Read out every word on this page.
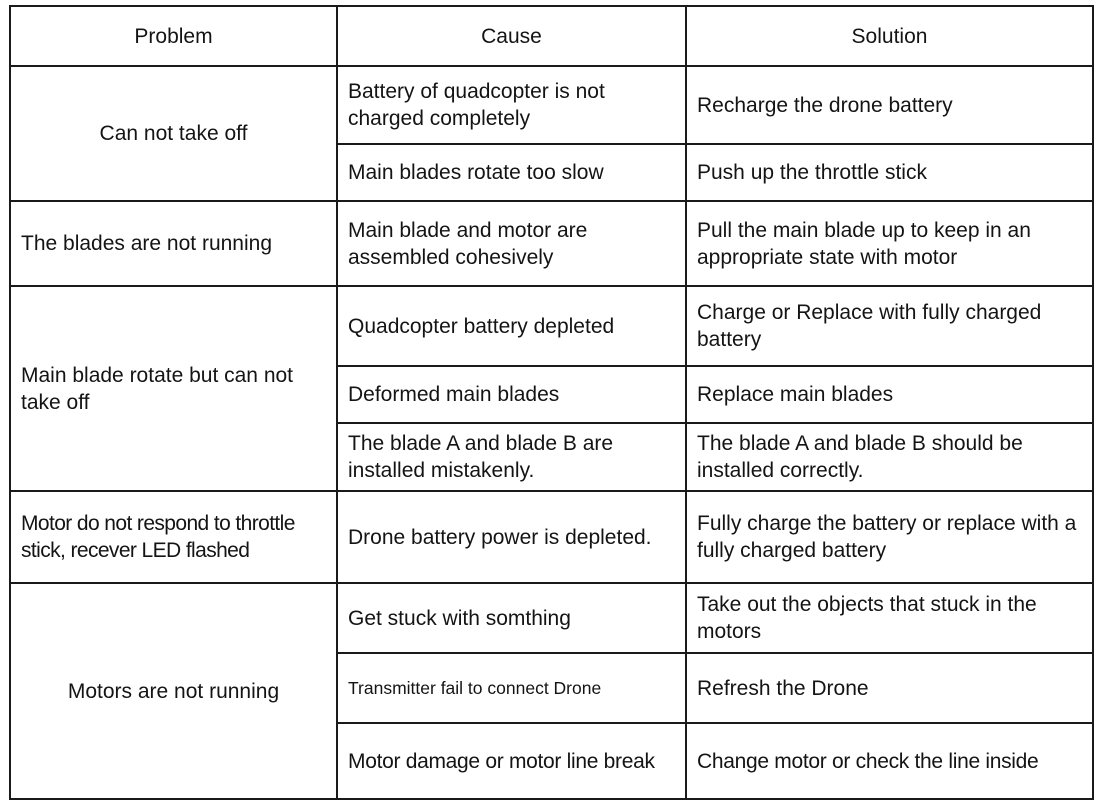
Problem	Cause	Solution
Can not take off	Battery of quadcopter is not charged completely	Recharge the drone battery
	Main blades rotate too slow	Push up the throttle stick
The blades are not running	Main blade and motor are assembled cohesively	Pull the main blade up to keep in an appropriate state with motor
Main blade rotate but can not take off	Quadcopter battery depleted	Charge or Replace with fully charged battery
	Deformed main blades	Replace main blades
	The blade A and blade B are installed mistakenly.	The blade A and blade B should be installed correctly.
Motor do not respond to throttle stick, recever LED flashed	Drone battery power is depleted.	Fully charge the battery or replace with a fully charged battery
Motors are not running	Get stuck with somthing	Take out the objects that stuck in the motors
	Transmitter fail to connect Drone	Refresh the Drone
	Motor damage or motor line break	Change motor or check the line inside
